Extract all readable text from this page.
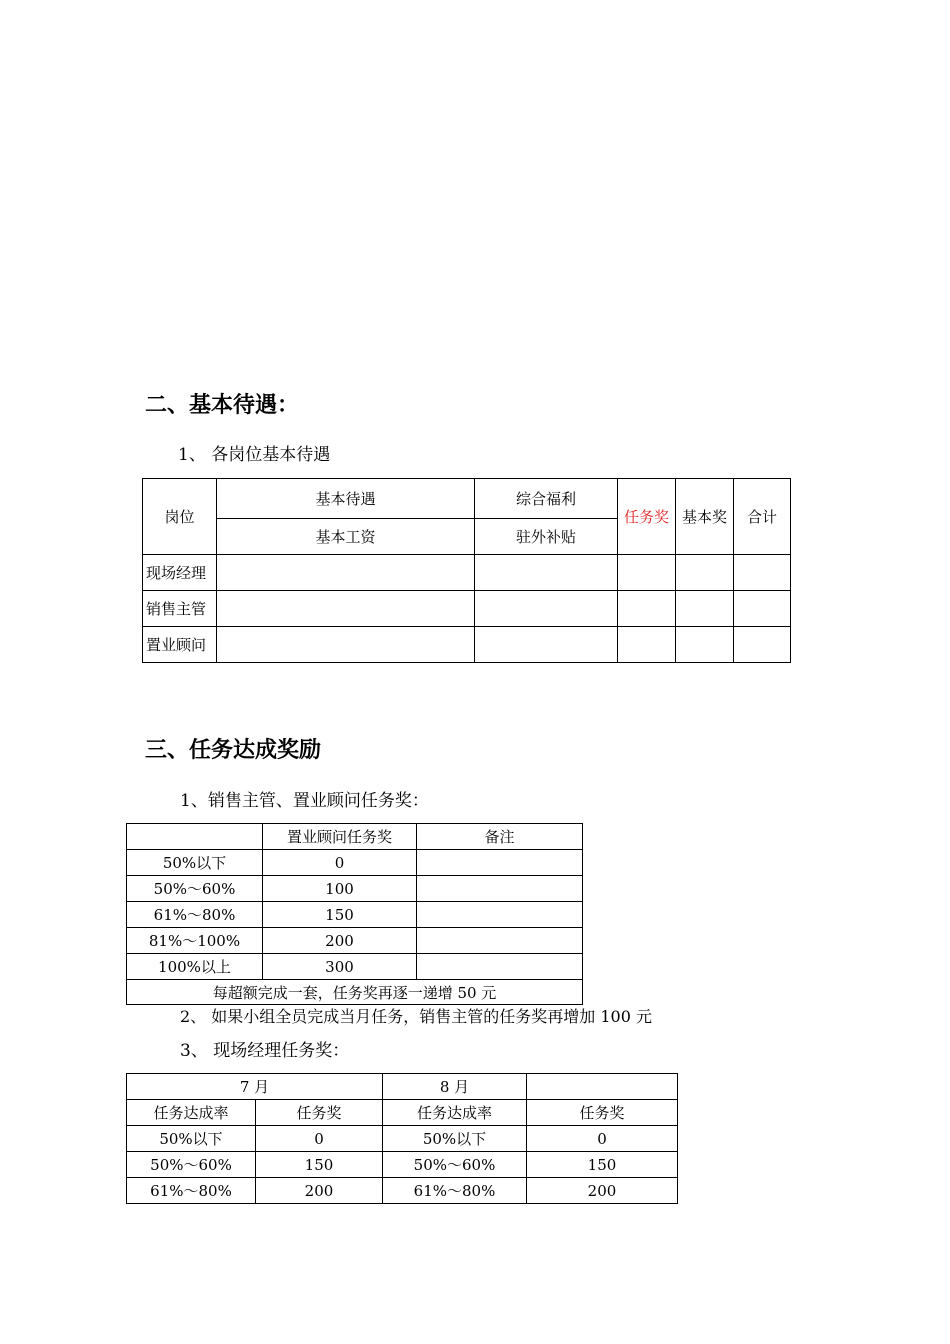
二、基本待遇：
1、 各岗位基本待遇
岗位	基本待遇	综合福利	任务奖	基本奖	合计
	基本工资	驻外补贴			
现场经理					
销售主管					
置业顾问					
三、任务达成奖励
1、销售主管、置业顾问任务奖：
	置业顾问任务奖	备注
50%以下	0	
50%～60%	100	
61%～80%	150	
81%～100%	200	
100%以上	300	
每超额完成一套，任务奖再逐一递增 50 元		
2、 如果小组全员完成当月任务，销售主管的任务奖再增加 100 元
3、 现场经理任务奖：
7 月		8 月	
任务达成率	任务奖	任务达成率	任务奖
50%以下	0	50%以下	0
50%～60%	150	50%～60%	150
61%～80%	200	61%～80%	200
